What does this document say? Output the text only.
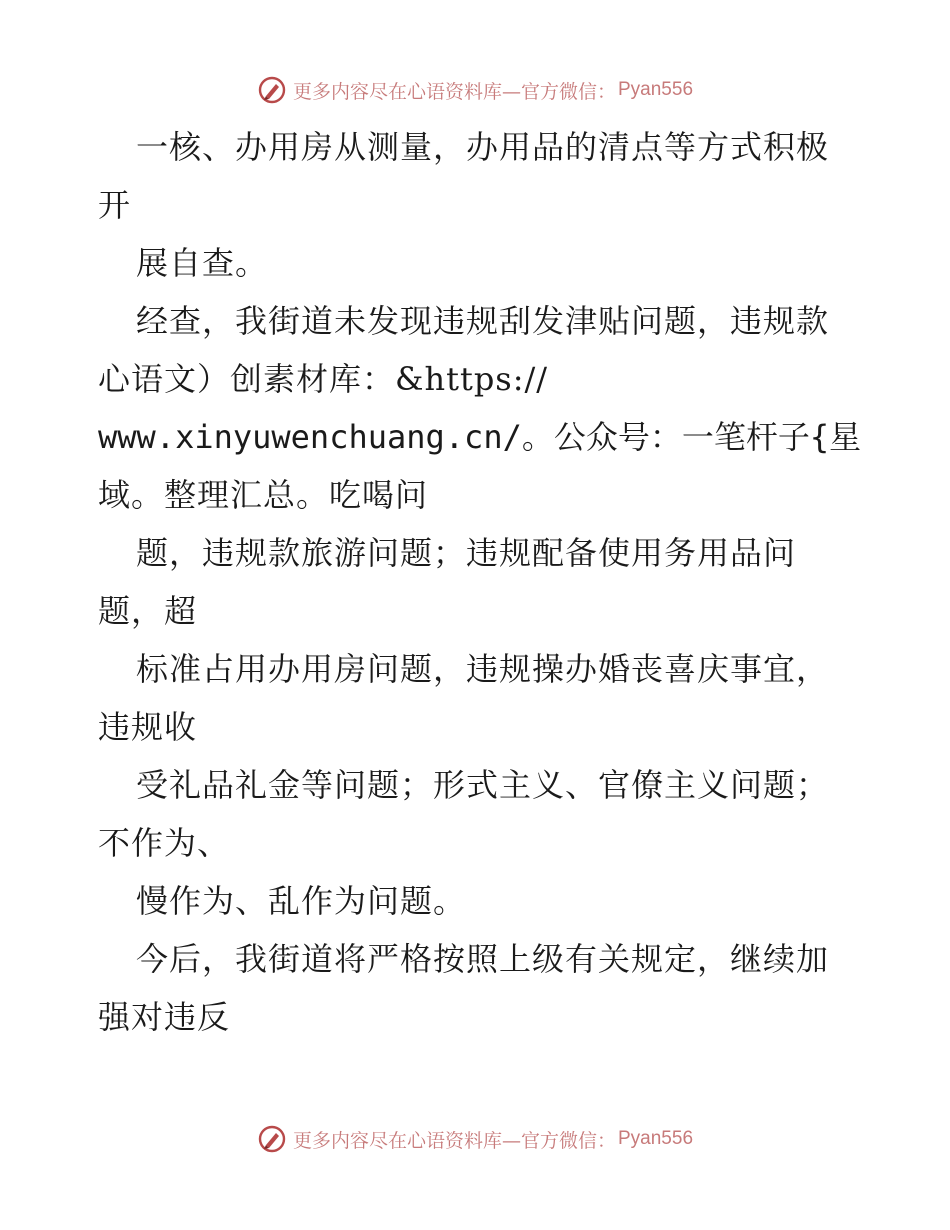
更多内容尽在心语资料库—官方微信： Pyan556
一核、办用房从测量，办用品的清点等方式积极
开
展自查。
经查，我街道未发现违规刮发津贴问题，违规款
心语文）创素材库：&https://
www.xinyuwenchuang.cn/。公众号：一笔杆子{星
域。整理汇总。吃喝问
题，违规款旅游问题；违规配备使用务用品问
题，超
标准占用办用房问题，违规操办婚丧喜庆事宜，
违规收
受礼品礼金等问题；形式主义、官僚主义问题；
不作为、
慢作为、乱作为问题。
今后，我街道将严格按照上级有关规定，继续加
强对违反
更多内容尽在心语资料库—官方微信： Pyan556
